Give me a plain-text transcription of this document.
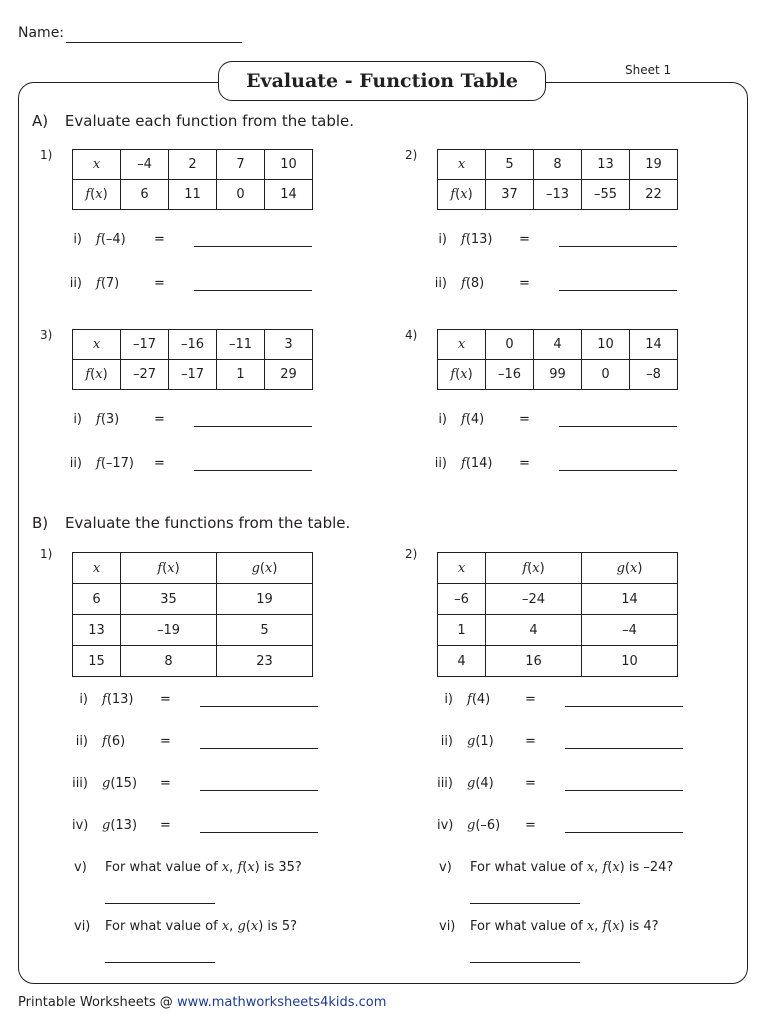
Name:
Evaluate - Function Table	Sheet 1
A) Evaluate each function from the table.
1)
x	–4	2	7	10
f(x)	6	11	0	14
i)	f(–4)	=
ii)	f(7)	=
2)
x	5	8	13	19
f(x)	37	–13	–55	22
i)	f(13)	=
ii)	f(8)	=
3)
x	–17	–16	–11	3
f(x)	–27	–17	1	29
i)	f(3)	=
ii)	f(–17)	=
4)
x	0	4	10	14
f(x)	–16	99	0	–8
i)	f(4)	=
ii)	f(14)	=
B) Evaluate the functions from the table.
1)
x	f(x)	g(x)
6	35	19
13	–19	5
15	8	23
i)	f(13)	=
ii)	f(6)	=
iii)	g(15)	=
iv)	g(13)	=
v) For what value of x, f(x) is 35?
vi) For what value of x, g(x) is 5?
2)
x	f(x)	g(x)
–6	–24	14
1	4	–4
4	16	10
i)	f(4)	=
ii)	g(1)	=
iii)	g(4)	=
iv)	g(–6)	=
v) For what value of x, f(x) is –24?
vi) For what value of x, f(x) is 4?
Printable Worksheets @ www.mathworksheets4kids.com
